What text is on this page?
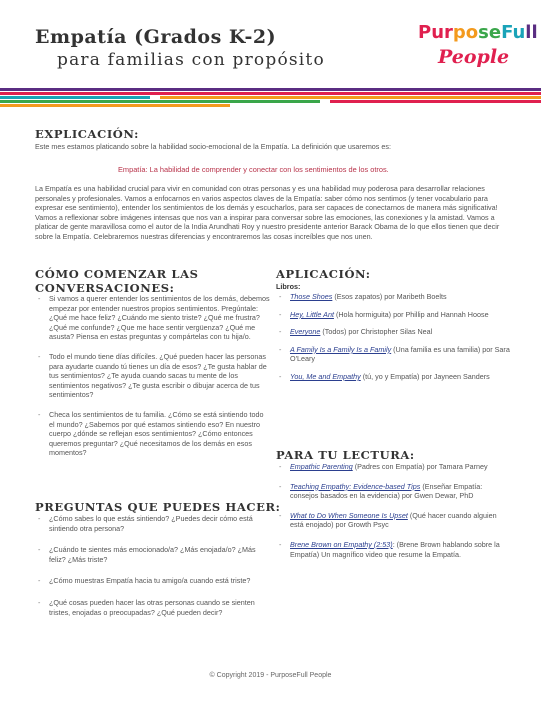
Empatía (Grados K-2)
para familias con propósito
PurposeFull
People
EXPLICACIÓN:
Este mes estamos platicando sobre la habilidad socio-emocional de la Empatía. La definición que usaremos es:
Empatía: La habilidad de comprender y conectar con los sentimientos de los otros.
La Empatía es una habilidad crucial para vivir en comunidad con otras personas y es una habilidad muy poderosa para desarrollar relaciones personales y profesionales. Vamos a enfocarnos en varios aspectos claves de la Empatía: saber cómo nos sentimos (y tener vocabulario para expresar ese sentimiento), entender los sentimientos de los demás y escucharlos, para ser capaces de conectarnos de manera más significativa! Vamos a reflexionar sobre imágenes intensas que nos van a inspirar para conversar sobre las emociones, las conexiones y la amistad. Vamos a platicar de gente maravillosa como el autor de la India Arundhati Roy y nuestro presidente anterior Barack Obama de lo que ellos tienen que decir sobre la Empatía. Celebraremos nuestras diferencias y encontraremos las cosas increíbles que nos unen.
CÓMO COMENZAR LAS
CONVERSACIONES:
- Si vamos a querer entender los sentimientos de los demás, debemos empezar por entender nuestros propios sentimientos. Pregúntale: ¿Qué me hace feliz? ¿Cuándo me siento triste? ¿Qué me frustra? ¿Qué me confunde? ¿Que me hace sentir vergüenza? ¿Qué me asusta? Piensa en estas preguntas y compártelas con tu hija/o.
- Todo el mundo tiene días difíciles. ¿Qué pueden hacer las personas para ayudarte cuando tú tienes un día de esos? ¿Te gusta hablar de tus sentimientos? ¿Te ayuda cuando sacas tu mente de los sentimientos negativos? ¿Te gusta escribir o dibujar acerca de tus sentimientos?
- Checa los sentimientos de tu familia. ¿Cómo se está sintiendo todo el mundo? ¿Sabemos por qué estamos sintiendo eso? En nuestro cuerpo ¿dónde se reflejan esos sentimientos? ¿Cómo entonces queremos preguntar? ¿Qué necesitamos de los demás en esos momentos?
PREGUNTAS QUE PUEDES HACER:
- ¿Cómo sabes lo que estás sintiendo? ¿Puedes decir cómo está sintiendo otra persona?
- ¿Cuándo te sientes más emocionado/a? ¿Más enojada/o? ¿Más feliz? ¿Más triste?
- ¿Cómo muestras Empatía hacia tu amigo/a cuando está triste?
- ¿Qué cosas pueden hacer las otras personas cuando se sienten tristes, enojadas o preocupadas? ¿Qué pueden decir?
APLICACIÓN:
Libros:
- Those Shoes (Esos zapatos) por Maribeth Boelts
- Hey, Little Ant (Hola hormiguita) por Phillip and Hannah Hoose
- Everyone (Todos) por Christopher Silas Neal
- A Family Is a Family Is a Family (Una familia es una familia) por Sara O'Leary
- You, Me and Empathy (tú, yo y Empatía) por Jayneen Sanders
PARA TU LECTURA:
- Empathic Parenting (Padres con Empatía) por Tamara Parney
- Teaching Empathy: Evidence-based Tips (Enseñar Empatía: consejos basados en la evidencia) por Gwen Dewar, PhD
- What to Do When Someone Is Upset (Qué hacer cuando alguien está enojado) por Growth Psyc
- Brene Brown on Empathy (2:53): (Brene Brown hablando sobre la Empatía) Un magnífico video que resume la Empatía.
© Copyright 2019 - PurposeFull People
